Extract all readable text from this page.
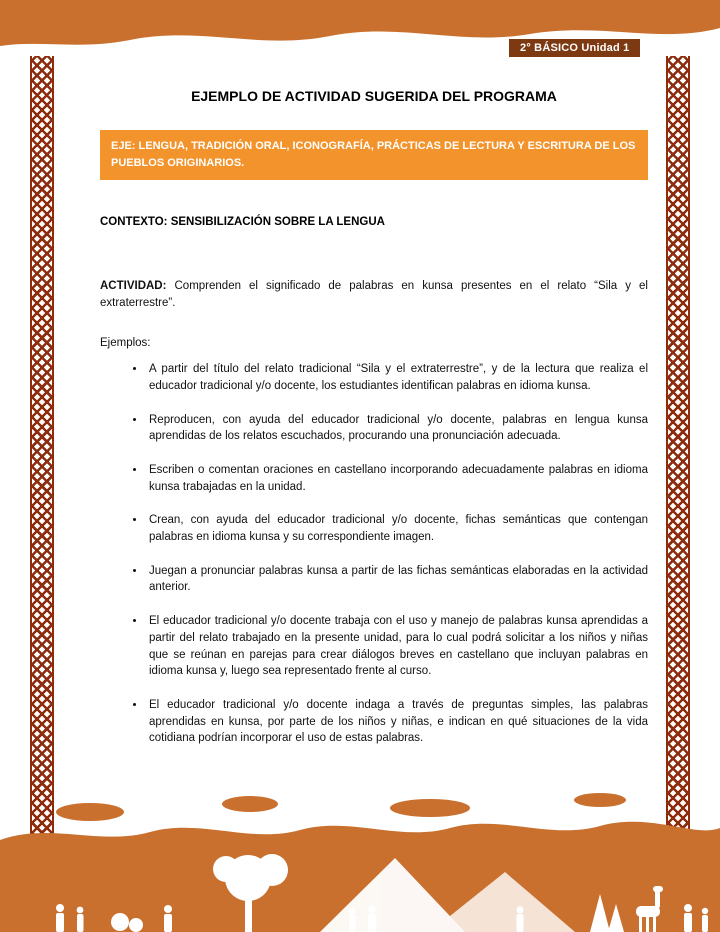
2° BÁSICO Unidad 1
EJEMPLO DE ACTIVIDAD SUGERIDA DEL PROGRAMA
EJE: LENGUA, TRADICIÓN ORAL, ICONOGRAFÍA, PRÁCTICAS DE LECTURA Y ESCRITURA DE LOS PUEBLOS ORIGINARIOS.
CONTEXTO: SENSIBILIZACIÓN SOBRE LA LENGUA

ACTIVIDAD: Comprenden el significado de palabras en kunsa presentes en el relato “Sila y el extraterrestre”.

Ejemplos:
• A partir del título del relato tradicional “Sila y el extraterrestre”, y de la lectura que realiza el educador tradicional y/o docente, los estudiantes identifican palabras en idioma kunsa.
• Reproducen, con ayuda del educador tradicional y/o docente, palabras en lengua kunsa aprendidas de los relatos escuchados, procurando una pronunciación adecuada.
• Escriben o comentan oraciones en castellano incorporando adecuadamente palabras en idioma kunsa trabajadas en la unidad.
• Crean, con ayuda del educador tradicional y/o docente, fichas semánticas que contengan palabras en idioma kunsa y su correspondiente imagen.
• Juegan a pronunciar palabras kunsa a partir de las fichas semánticas elaboradas en la actividad anterior.
• El educador tradicional y/o docente trabaja con el uso y manejo de palabras kunsa aprendidas a partir del relato trabajado en la presente unidad, para lo cual podrá solicitar a los niños y niñas que se reúnan en parejas para crear diálogos breves en castellano que incluyan palabras en idioma kunsa y, luego sea representado frente al curso.
• El educador tradicional y/o docente indaga a través de preguntas simples, las palabras aprendidas en kunsa, por parte de los niños y niñas, e indican en qué situaciones de la vida cotidiana podrían incorporar el uso de estas palabras.
